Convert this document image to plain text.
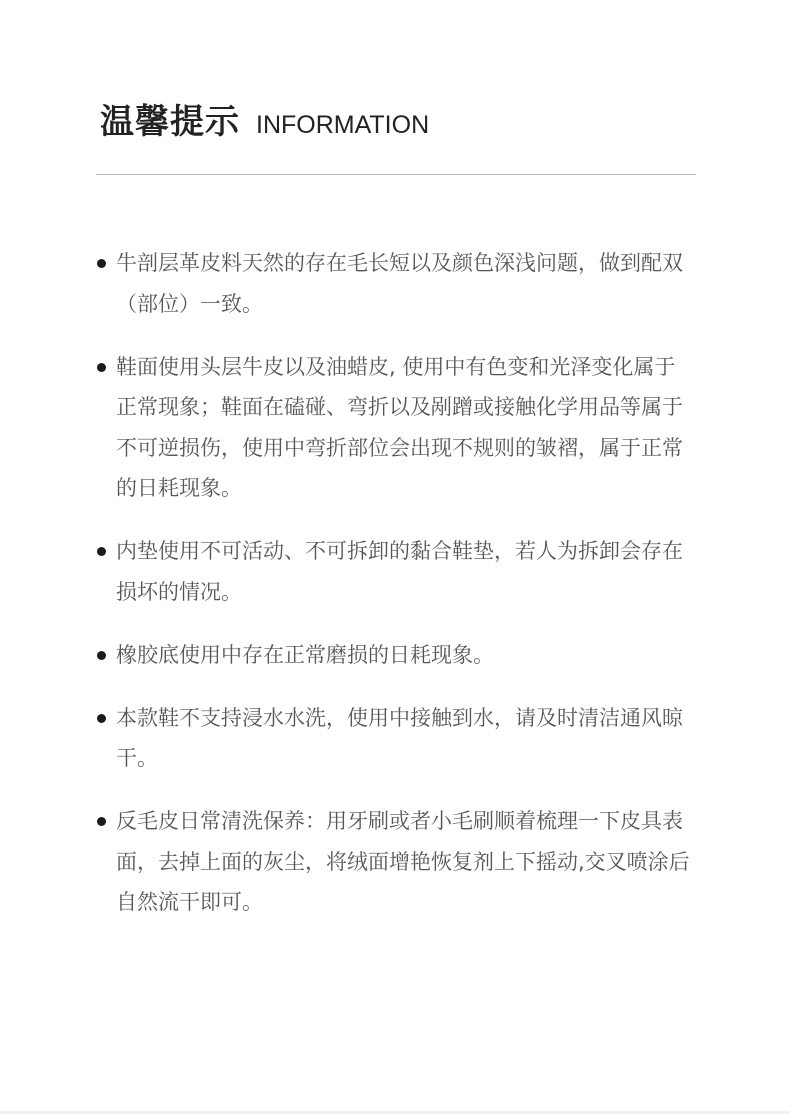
温馨提示 INFORMATION
牛剖层革皮料天然的存在毛长短以及颜色深浅问题，做到配双（部位）一致。
鞋面使用头层牛皮以及油蜡皮, 使用中有色变和光泽变化属于正常现象；鞋面在磕碰、弯折以及剐蹭或接触化学用品等属于不可逆损伤，使用中弯折部位会出现不规则的皱褶，属于正常的日耗现象。
内垫使用不可活动、不可拆卸的黏合鞋垫，若人为拆卸会存在损坏的情况。
橡胶底使用中存在正常磨损的日耗现象。
本款鞋不支持浸水水洗，使用中接触到水，请及时清洁通风晾干。
反毛皮日常清洗保养：用牙刷或者小毛刷顺着梳理一下皮具表面，去掉上面的灰尘，将绒面增艳恢复剂上下摇动,交叉喷涂后自然流干即可。
